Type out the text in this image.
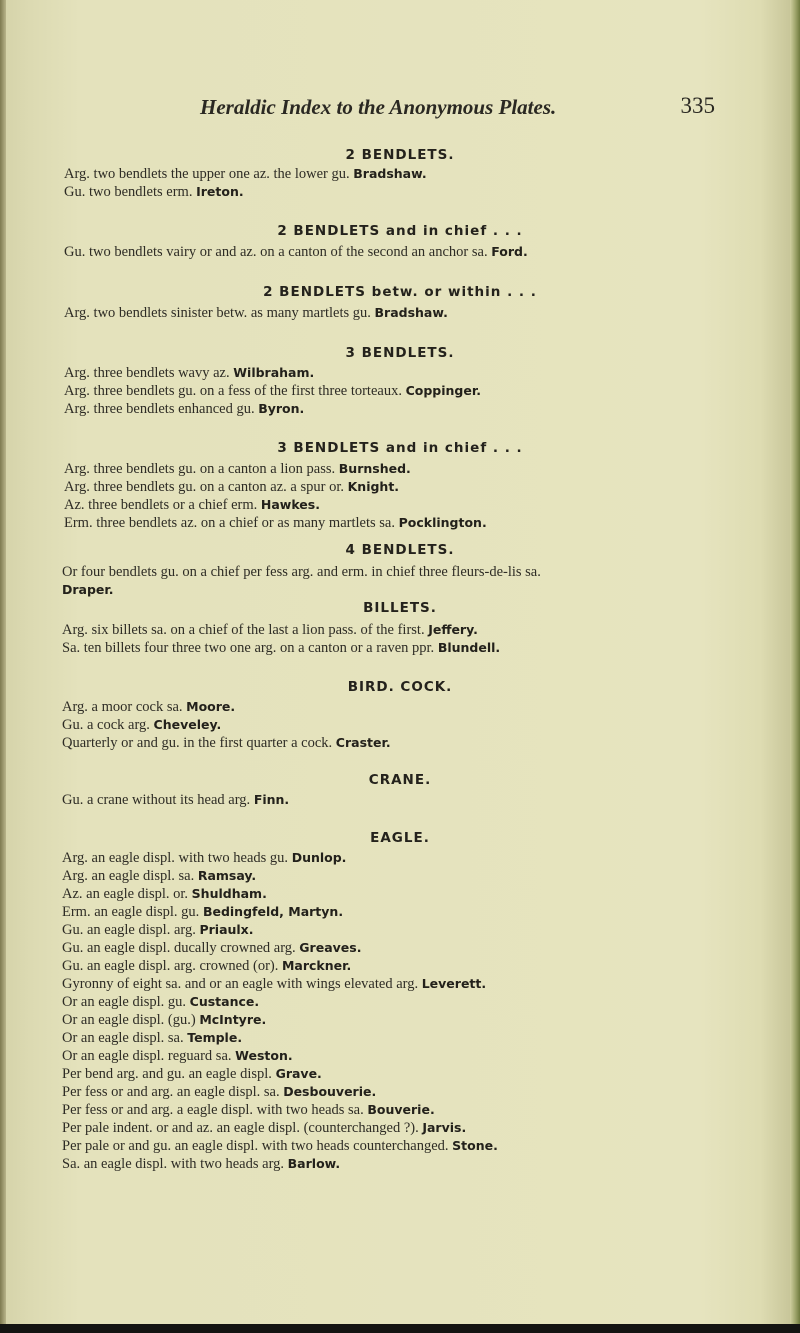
Heraldic Index to the Anonymous Plates.	335
2 BENDLETS.
Arg. two bendlets the upper one az. the lower gu. Bradshaw.
Gu. two bendlets erm. Ireton.
2 BENDLETS and in chief . . .
Gu. two bendlets vairy or and az. on a canton of the second an anchor sa. Ford.
2 BENDLETS betw. or within . . .
Arg. two bendlets sinister betw. as many martlets gu. Bradshaw.
3 BENDLETS.
Arg. three bendlets wavy az. Wilbraham.
Arg. three bendlets gu. on a fess of the first three torteaux. Coppinger.
Arg. three bendlets enhanced gu. Byron.
3 BENDLETS and in chief . . .
Arg. three bendlets gu. on a canton a lion pass. Burnshed.
Arg. three bendlets gu. on a canton az. a spur or. Knight.
Az. three bendlets or a chief erm. Hawkes.
Erm. three bendlets az. on a chief or as many martlets sa. Pocklington.
4 BENDLETS.
Or four bendlets gu. on a chief per fess arg. and erm. in chief three fleurs-de-lis sa.
Draper.
BILLETS.
Arg. six billets sa. on a chief of the last a lion pass. of the first. Jeffery.
Sa. ten billets four three two one arg. on a canton or a raven ppr. Blundell.
BIRD. COCK.
Arg. a moor cock sa. Moore.
Gu. a cock arg. Cheveley.
Quarterly or and gu. in the first quarter a cock. Craster.
CRANE.
Gu. a crane without its head arg. Finn.
EAGLE.
Arg. an eagle displ. with two heads gu. Dunlop.
Arg. an eagle displ. sa. Ramsay.
Az. an eagle displ. or. Shuldham.
Erm. an eagle displ. gu. Bedingfeld, Martyn.
Gu. an eagle displ. arg. Priaulx.
Gu. an eagle displ. ducally crowned arg. Greaves.
Gu. an eagle displ. arg. crowned (or). Marckner.
Gyronny of eight sa. and or an eagle with wings elevated arg. Leverett.
Or an eagle displ. gu. Custance.
Or an eagle displ. (gu.) McIntyre.
Or an eagle displ. sa. Temple.
Or an eagle displ. reguard sa. Weston.
Per bend arg. and gu. an eagle displ. Grave.
Per fess or and arg. an eagle displ. sa. Desbouverie.
Per fess or and arg. a eagle displ. with two heads sa. Bouverie.
Per pale indent. or and az. an eagle displ. (counterchanged ?). Jarvis.
Per pale or and gu. an eagle displ. with two heads counterchanged. Stone.
Sa. an eagle displ. with two heads arg. Barlow.
